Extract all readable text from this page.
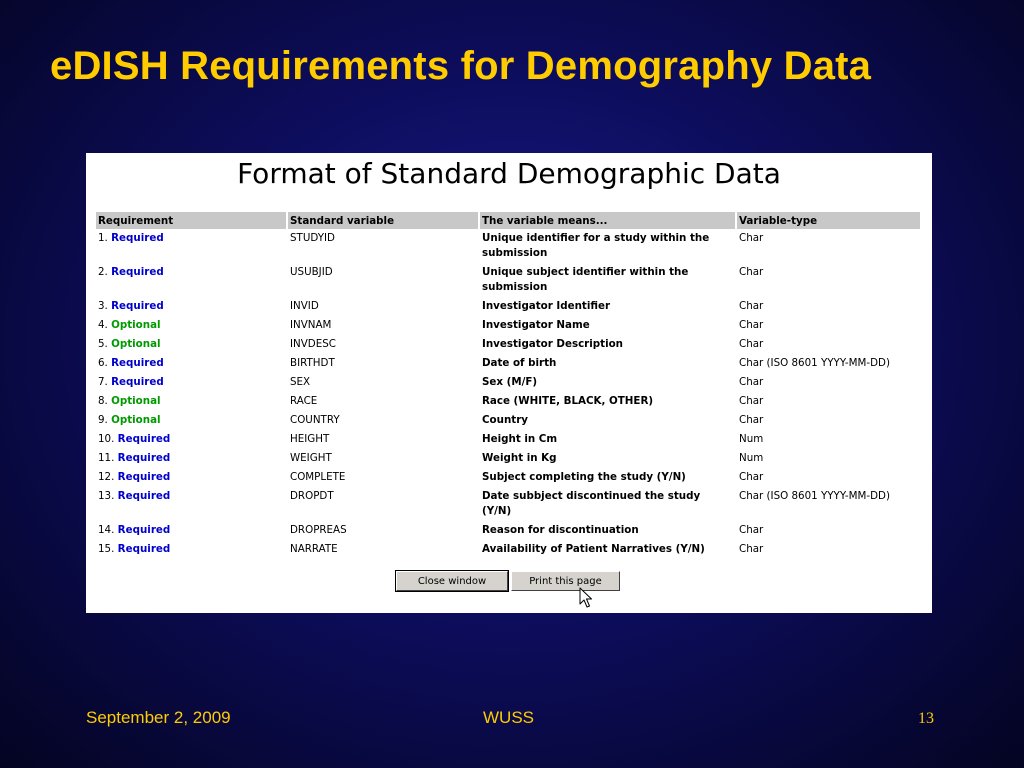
eDISH Requirements for Demography Data
Format of Standard Demographic Data
Requirement	Standard variable	The variable means...	Variable-type
1. Required	STUDYID	Unique identifier for a study within the submission	Char
2. Required	USUBJID	Unique subject identifier within the submission	Char
3. Required	INVID	Investigator Identifier	Char
4. Optional	INVNAM	Investigator Name	Char
5. Optional	INVDESC	Investigator Description	Char
6. Required	BIRTHDT	Date of birth	Char (ISO 8601 YYYY-MM-DD)
7. Required	SEX	Sex (M/F)	Char
8. Optional	RACE	Race (WHITE, BLACK, OTHER)	Char
9. Optional	COUNTRY	Country	Char
10. Required	HEIGHT	Height in Cm	Num
11. Required	WEIGHT	Weight in Kg	Num
12. Required	COMPLETE	Subject completing the study (Y/N)	Char
13. Required	DROPDT	Date subbject discontinued the study (Y/N)	Char (ISO 8601 YYYY-MM-DD)
14. Required	DROPREAS	Reason for discontinuation	Char
15. Required	NARRATE	Availability of Patient Narratives (Y/N)	Char
Close window	Print this page
September 2, 2009	WUSS	13
